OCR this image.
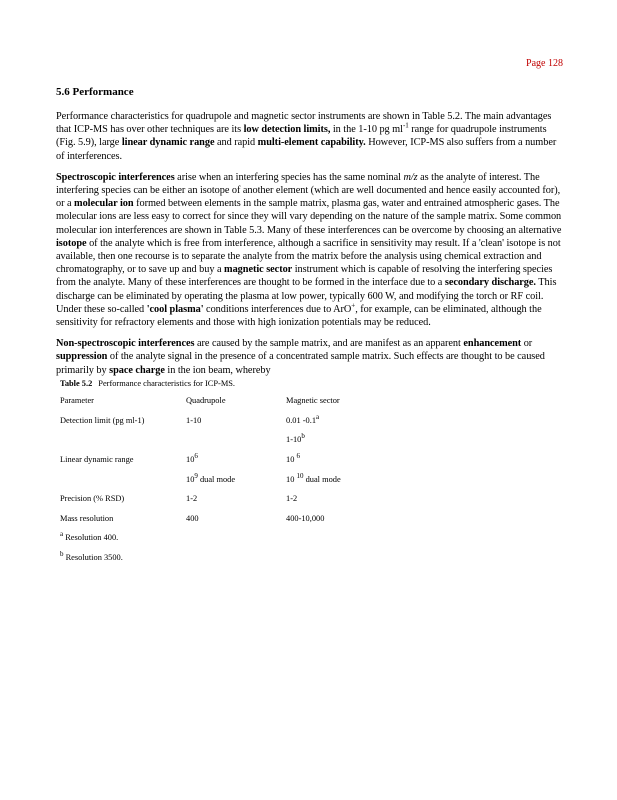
Page 128
5.6 Performance

Performance characteristics for quadrupole and magnetic sector instruments are shown in Table 5.2. The main advantages that ICP-MS has over other techniques are its low detection limits, in the 1-10 pg $ml^{-1}$ range for quadrupole instruments (Fig. 5.9), large linear dynamic range and rapid multi-element capability. However, ICP-MS also suffers from a number of interferences.

Spectroscopic interferences arise when an interfering species has the same nominal m/z as the analyte of interest. The interfering species can be either an isotope of another element (which are well documented and hence easily accounted for), or a molecular ion formed between elements in the sample matrix, plasma gas, water and entrained atmospheric gases. The molecular ions are less easy to correct for since they will vary depending on the nature of the sample matrix. Some common molecular ion interferences are shown in Table 5.3. Many of these interferences can be overcome by choosing an alternative isotope of the analyte which is free from interference, although a sacrifice in sensitivity may result. If a 'clean' isotope is not available, then one recourse is to separate the analyte from the matrix before the analysis using chemical extraction and chromatography, or to save up and buy a magnetic sector instrument which is capable of resolving the interfering species from the analyte. Many of these interferences are thought to be formed in the interface due to a secondary discharge. This discharge can be eliminated by operating the plasma at low power, typically 600 W, and modifying the torch or RF coil. Under these so-called 'cool plasma' conditions interferences due to ArO+, for example, can be eliminated, although the sensitivity for refractory elements and those with high ionization potentials may be reduced.

Non-spectroscopic interferences are caused by the sample matrix, and are manifest as an apparent enhancement or suppression of the analyte signal in the presence of a concentrated sample matrix. Such effects are thought to be caused primarily by space charge in the ion beam, whereby

Table 5.2 Performance characteristics for ICP-MS.
Parameter	Quadrupole	Magnetic sector
Detection limit (pg ml-1)	1-10	0.01 -0.1$^a$
		1-10$^b$
Linear dynamic range	$10^6$	10 $^6$
	$10^9$ dual mode	10 $^{10}$ dual mode
Precision (% RSD)	1-2	1-2
Mass resolution	400	400-10,000
$^a$ Resolution 400.
$^b$ Resolution 3500.
